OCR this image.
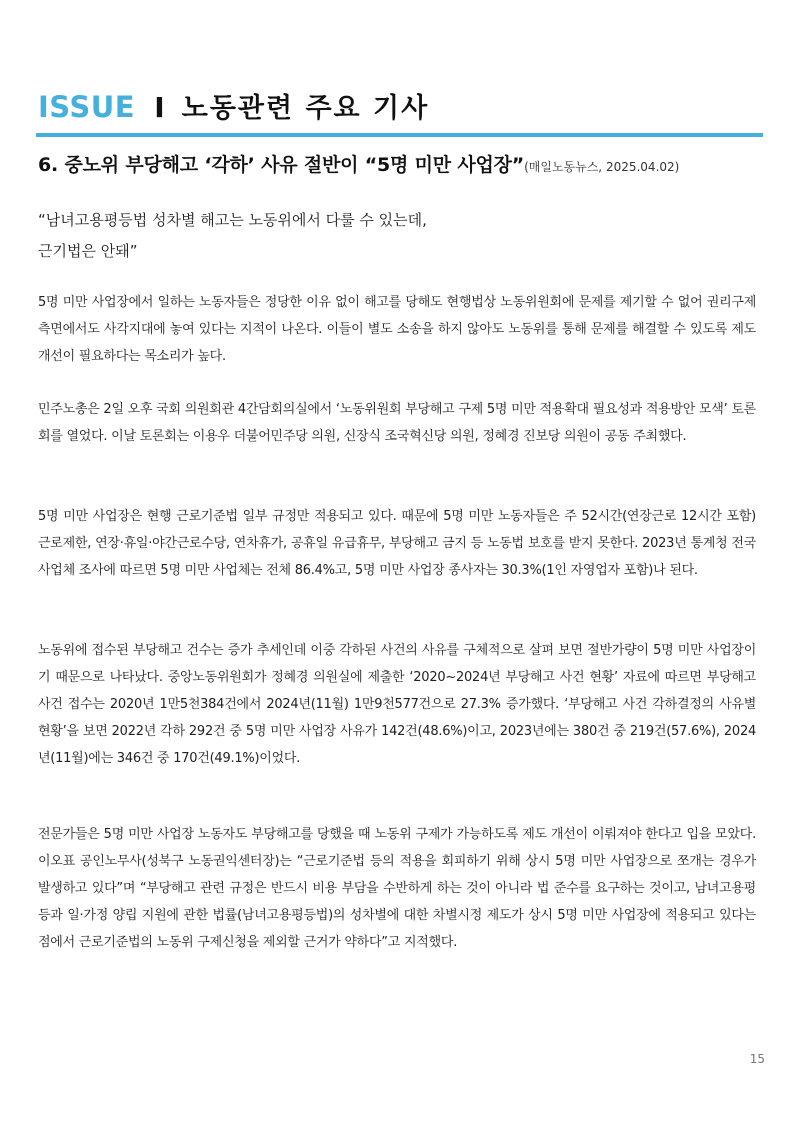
ISSUE I 노동관련 주요 기사
6. 중노위 부당해고 ‘각하’ 사유 절반이 “5명 미만 사업장”(매일노동뉴스, 2025.04.02)
“남녀고용평등법 성차별 해고는 노동위에서 다룰 수 있는데,
근기법은 안돼”
5명 미만 사업장에서 일하는 노동자들은 정당한 이유 없이 해고를 당해도 현행법상 노동위원회에 문제를 제기할 수 없어 권리구제 측면에서도 사각지대에 놓여 있다는 지적이 나온다. 이들이 별도 소송을 하지 않아도 노동위를 통해 문제를 해결할 수 있도록 제도 개선이 필요하다는 목소리가 높다.
민주노총은 2일 오후 국회 의원회관 4간담회의실에서 ‘노동위원회 부당해고 구제 5명 미만 적용확대 필요성과 적용방안 모색’ 토론회를 열었다. 이날 토론회는 이용우 더불어민주당 의원, 신장식 조국혁신당 의원, 정혜경 진보당 의원이 공동 주최했다.
5명 미만 사업장은 현행 근로기준법 일부 규정만 적용되고 있다. 때문에 5명 미만 노동자들은 주 52시간(연장근로 12시간 포함) 근로제한, 연장·휴일·야간근로수당, 연차휴가, 공휴일 유급휴무, 부당해고 금지 등 노동법 보호를 받지 못한다. 2023년 통계청 전국 사업체 조사에 따르면 5명 미만 사업체는 전체 86.4%고, 5명 미만 사업장 종사자는 30.3%(1인 자영업자 포함)나 된다.
노동위에 접수된 부당해고 건수는 증가 추세인데 이중 각하된 사건의 사유를 구체적으로 살펴 보면 절반가량이 5명 미만 사업장이기 때문으로 나타났다. 중앙노동위원회가 정혜경 의원실에 제출한 ‘2020~2024년 부당해고 사건 현황’ 자료에 따르면 부당해고 사건 접수는 2020년 1만5천384건에서 2024년(11월) 1만9천577건으로 27.3% 증가했다. ‘부당해고 사건 각하결정의 사유별 현황’을 보면 2022년 각하 292건 중 5명 미만 사업장 사유가 142건(48.6%)이고, 2023년에는 380건 중 219건(57.6%), 2024년(11월)에는 346건 중 170건(49.1%)이었다.
전문가들은 5명 미만 사업장 노동자도 부당해고를 당했을 때 노동위 구제가 가능하도록 제도 개선이 이뤄져야 한다고 입을 모았다. 이오표 공인노무사(성북구 노동권익센터장)는 “근로기준법 등의 적용을 회피하기 위해 상시 5명 미만 사업장으로 쪼개는 경우가 발생하고 있다”며 “부당해고 관련 규정은 반드시 비용 부담을 수반하게 하는 것이 아니라 법 준수를 요구하는 것이고, 남녀고용평등과 일·가정 양립 지원에 관한 법률(남녀고용평등법)의 성차별에 대한 차별시정 제도가 상시 5명 미만 사업장에 적용되고 있다는 점에서 근로기준법의 노동위 구제신청을 제외할 근거가 약하다”고 지적했다.
15
